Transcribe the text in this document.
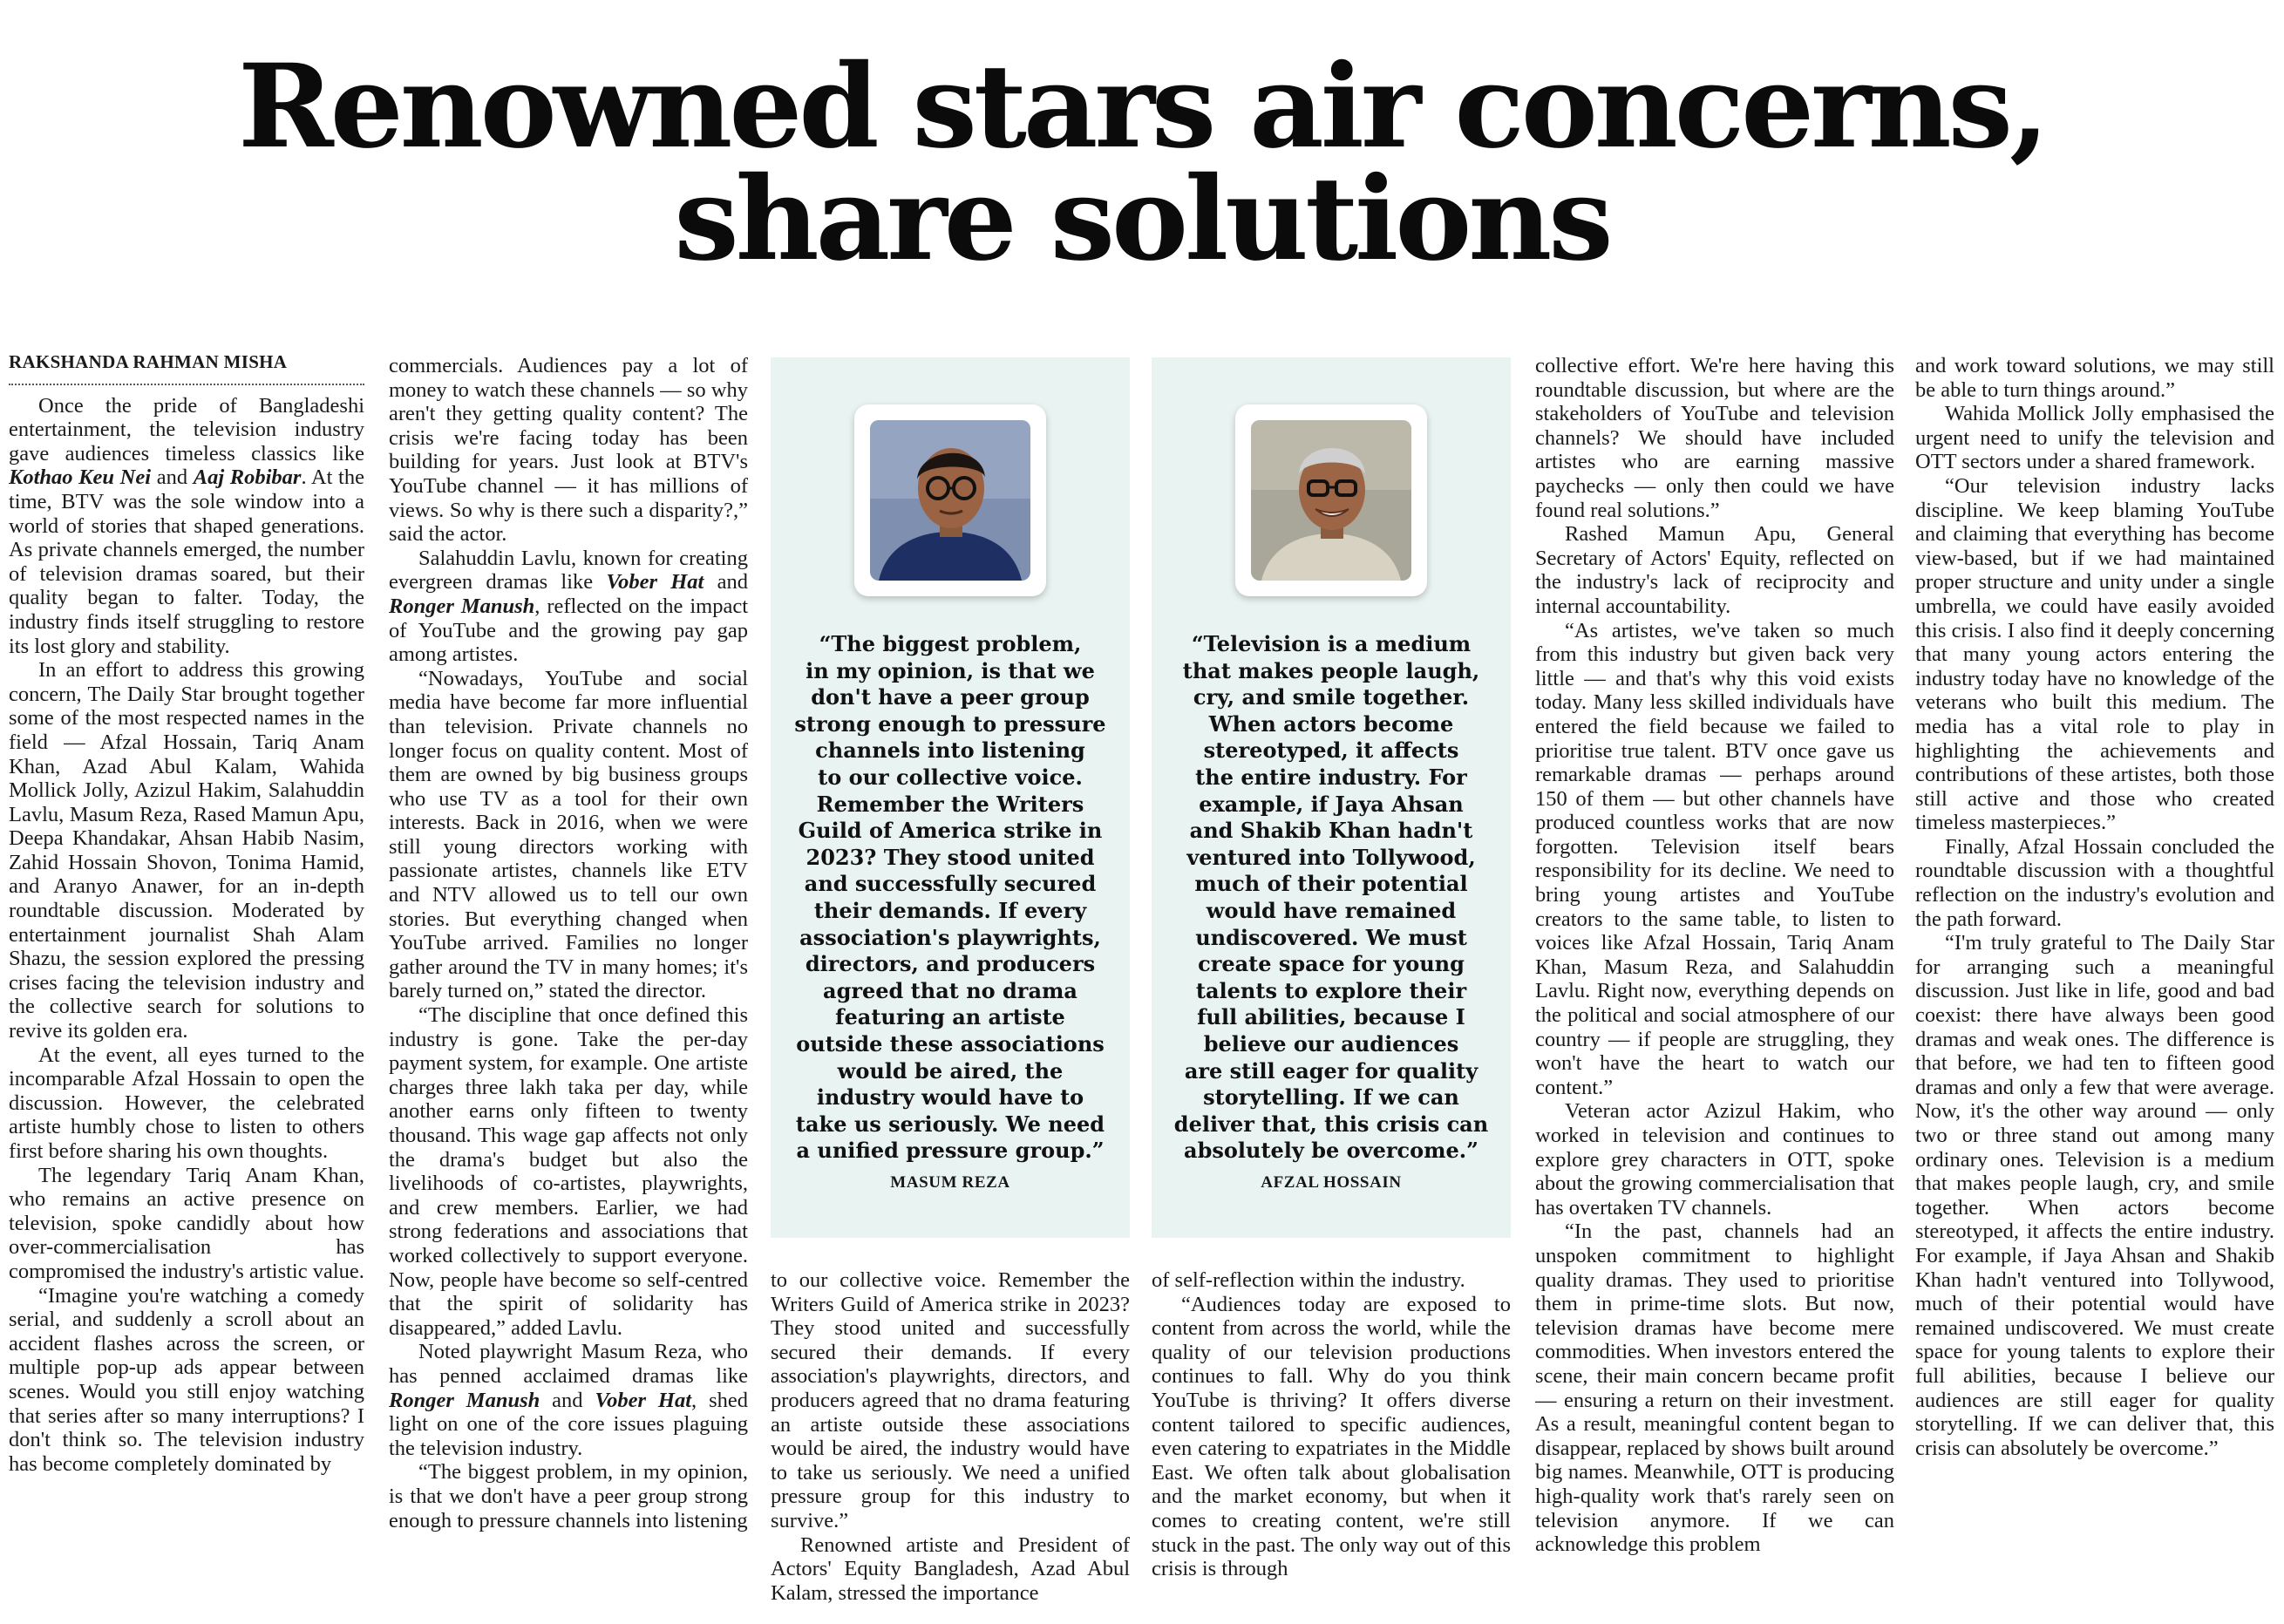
Renowned stars air concerns,
share solutions
RAKSHANDA RAHMAN MISHA

Once the pride of Bangladeshi entertainment, the television industry gave audiences timeless classics like Kothao Keu Nei and Aaj Robibar. At the time, BTV was the sole window into a world of stories that shaped generations. As private channels emerged, the number of television dramas soared, but their quality began to falter. Today, the industry finds itself struggling to restore its lost glory and stability.

In an effort to address this growing concern, The Daily Star brought together some of the most respected names in the field — Afzal Hossain, Tariq Anam Khan, Azad Abul Kalam, Wahida Mollick Jolly, Azizul Hakim, Salahuddin Lavlu, Masum Reza, Rased Mamun Apu, Deepa Khandakar, Ahsan Habib Nasim, Zahid Hossain Shovon, Tonima Hamid, and Aranyo Anawer, for an in-depth roundtable discussion. Moderated by entertainment journalist Shah Alam Shazu, the session explored the pressing crises facing the television industry and the collective search for solutions to revive its golden era.

At the event, all eyes turned to the incomparable Afzal Hossain to open the discussion. However, the celebrated artiste humbly chose to listen to others first before sharing his own thoughts.

The legendary Tariq Anam Khan, who remains an active presence on television, spoke candidly about how over-commercialisation has compromised the industry's artistic value.

“Imagine you're watching a comedy serial, and suddenly a scroll about an accident flashes across the screen, or multiple pop-up ads appear between scenes. Would you still enjoy watching that series after so many interruptions? I don't think so. The television industry has become completely dominated by

commercials. Audiences pay a lot of money to watch these channels — so why aren't they getting quality content? The crisis we're facing today has been building for years. Just look at BTV's YouTube channel — it has millions of views. So why is there such a disparity?,” said the actor.

Salahuddin Lavlu, known for creating evergreen dramas like Vober Hat and Ronger Manush, reflected on the impact of YouTube and the growing pay gap among artistes.

“Nowadays, YouTube and social media have become far more influential than television. Private channels no longer focus on quality content. Most of them are owned by big business groups who use TV as a tool for their own interests. Back in 2016, when we were still young directors working with passionate artistes, channels like ETV and NTV allowed us to tell our own stories. But everything changed when YouTube arrived. Families no longer gather around the TV in many homes; it's barely turned on,” stated the director.

“The discipline that once defined this industry is gone. Take the per-day payment system, for example. One artiste charges three lakh taka per day, while another earns only fifteen to twenty thousand. This wage gap affects not only the drama's budget but also the livelihoods of co-artistes, playwrights, and crew members. Earlier, we had strong federations and associations that worked collectively to support everyone. Now, people have become so self-centred that the spirit of solidarity has disappeared,” added Lavlu.

Noted playwright Masum Reza, who has penned acclaimed dramas like Ronger Manush and Vober Hat, shed light on one of the core issues plaguing the television industry.

“The biggest problem, in my opinion, is that we don't have a peer group strong enough to pressure channels into listening

“The biggest problem,
in my opinion, is that we
don't have a peer group
strong enough to pressure
channels into listening
to our collective voice.
Remember the Writers
Guild of America strike in
2023? They stood united
and successfully secured
their demands. If every
association's playwrights,
directors, and producers
agreed that no drama
featuring an artiste
outside these associations
would be aired, the
industry would have to
take us seriously. We need
a unified pressure group.”
MASUM REZA
“Television is a medium
that makes people laugh,
cry, and smile together.
When actors become
stereotyped, it affects
the entire industry. For
example, if Jaya Ahsan
and Shakib Khan hadn't
ventured into Tollywood,
much of their potential
would have remained
undiscovered. We must
create space for young
talents to explore their
full abilities, because I
believe our audiences
are still eager for quality
storytelling. If we can
deliver that, this crisis can
absolutely be overcome.”
AFZAL HOSSAIN

to our collective voice. Remember the Writers Guild of America strike in 2023? They stood united and successfully secured their demands. If every association's playwrights, directors, and producers agreed that no drama featuring an artiste outside these associations would be aired, the industry would have to take us seriously. We need a unified pressure group for this industry to survive.”

Renowned artiste and President of Actors' Equity Bangladesh, Azad Abul Kalam, stressed the importance

of self-reflection within the industry.

“Audiences today are exposed to content from across the world, while the quality of our television productions continues to fall. Why do you think YouTube is thriving? It offers diverse content tailored to specific audiences, even catering to expatriates in the Middle East. We often talk about globalisation and the market economy, but when it comes to creating content, we're still stuck in the past. The only way out of this crisis is through

collective effort. We're here having this roundtable discussion, but where are the stakeholders of YouTube and television channels? We should have included artistes who are earning massive paychecks — only then could we have found real solutions.”

Rashed Mamun Apu, General Secretary of Actors' Equity, reflected on the industry's lack of reciprocity and internal accountability.

“As artistes, we've taken so much from this industry but given back very little — and that's why this void exists today. Many less skilled individuals have entered the field because we failed to prioritise true talent. BTV once gave us remarkable dramas — perhaps around 150 of them — but other channels have produced countless works that are now forgotten. Television itself bears responsibility for its decline. We need to bring young artistes and YouTube creators to the same table, to listen to voices like Afzal Hossain, Tariq Anam Khan, Masum Reza, and Salahuddin Lavlu. Right now, everything depends on the political and social atmosphere of our country — if people are struggling, they won't have the heart to watch our content.”

Veteran actor Azizul Hakim, who worked in television and continues to explore grey characters in OTT, spoke about the growing commercialisation that has overtaken TV channels.

“In the past, channels had an unspoken commitment to highlight quality dramas. They used to prioritise them in prime-time slots. But now, television dramas have become mere commodities. When investors entered the scene, their main concern became profit — ensuring a return on their investment. As a result, meaningful content began to disappear, replaced by shows built around big names. Meanwhile, OTT is producing high-quality work that's rarely seen on television anymore. If we can acknowledge this problem

and work toward solutions, we may still be able to turn things around.”

Wahida Mollick Jolly emphasised the urgent need to unify the television and OTT sectors under a shared framework.

“Our television industry lacks discipline. We keep blaming YouTube and claiming that everything has become view-based, but if we had maintained proper structure and unity under a single umbrella, we could have easily avoided this crisis. I also find it deeply concerning that many young actors entering the industry today have no knowledge of the veterans who built this medium. The media has a vital role to play in highlighting the achievements and contributions of these artistes, both those still active and those who created timeless masterpieces.”

Finally, Afzal Hossain concluded the roundtable discussion with a thoughtful reflection on the industry's evolution and the path forward.

“I'm truly grateful to The Daily Star for arranging such a meaningful discussion. Just like in life, good and bad coexist: there have always been good dramas and weak ones. The difference is that before, we had ten to fifteen good dramas and only a few that were average. Now, it's the other way around — only two or three stand out among many ordinary ones. Television is a medium that makes people laugh, cry, and smile together. When actors become stereotyped, it affects the entire industry. For example, if Jaya Ahsan and Shakib Khan hadn't ventured into Tollywood, much of their potential would have remained undiscovered. We must create space for young talents to explore their full abilities, because I believe our audiences are still eager for quality storytelling. If we can deliver that, this crisis can absolutely be overcome.”
